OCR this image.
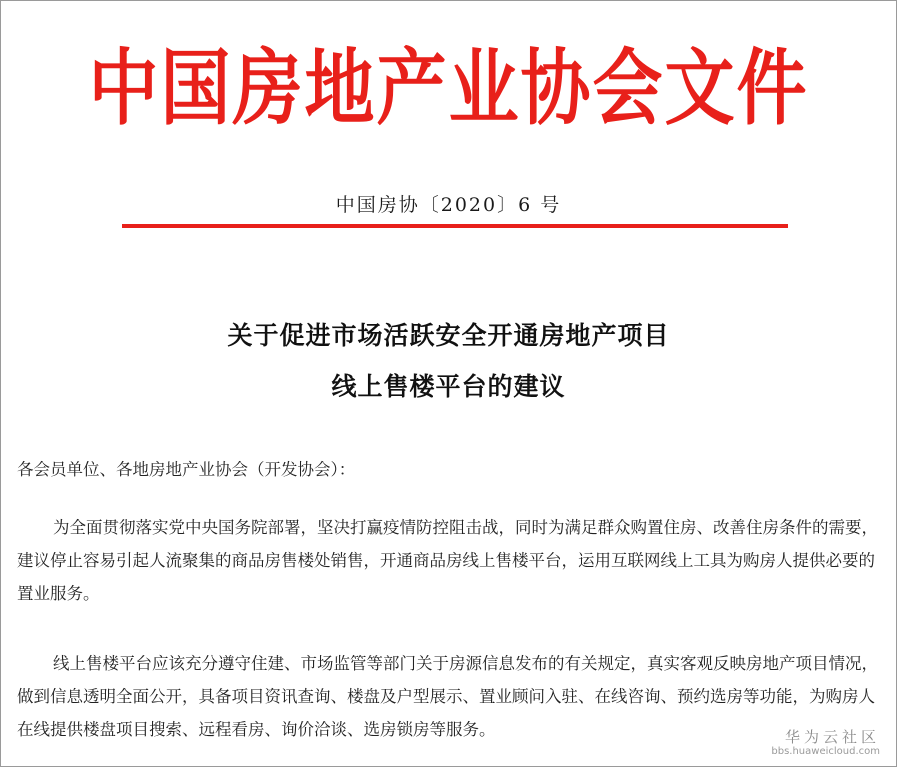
中国房地产业协会文件
中国房协〔2020〕6 号
关于促进市场活跃安全开通房地产项目
线上售楼平台的建议
各会员单位、各地房地产业协会（开发协会）：
为全面贯彻落实党中央国务院部署，坚决打赢疫情防控阻击战，同时为满足群众购置住房、改善住房条件的需要，建议停止容易引起人流聚集的商品房售楼处销售，开通商品房线上售楼平台，运用互联网线上工具为购房人提供必要的置业服务。
线上售楼平台应该充分遵守住建、市场监管等部门关于房源信息发布的有关规定，真实客观反映房地产项目情况，做到信息透明全面公开，具备项目资讯查询、楼盘及户型展示、置业顾问入驻、在线咨询、预约选房等功能，为购房人在线提供楼盘项目搜索、远程看房、询价洽谈、选房锁房等服务。	华为云社区
bbs.huaweicloud.com
